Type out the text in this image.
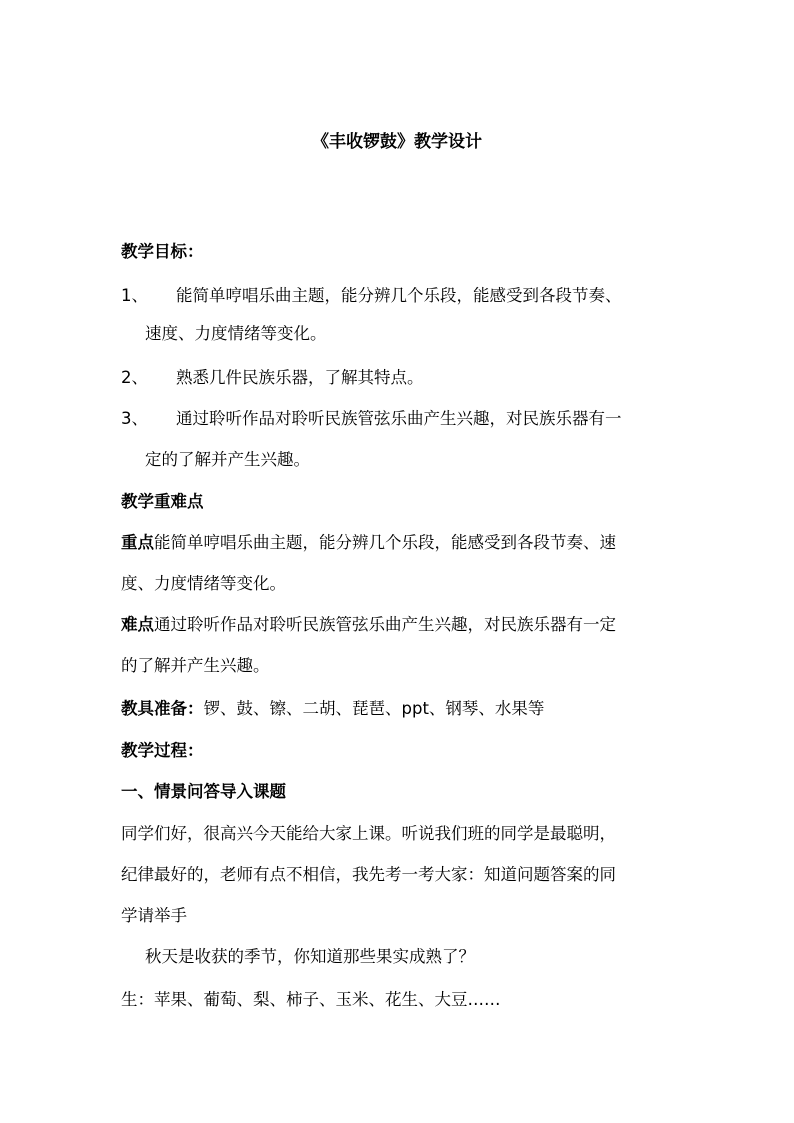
《丰收锣鼓》教学设计
教学目标：
1、 能简单哼唱乐曲主题，能分辨几个乐段，能感受到各段节奏、
速度、力度情绪等变化。
2、 熟悉几件民族乐器，了解其特点。
3、 通过聆听作品对聆听民族管弦乐曲产生兴趣，对民族乐器有一
定的了解并产生兴趣。
教学重难点
重点能简单哼唱乐曲主题，能分辨几个乐段，能感受到各段节奏、速
度、力度情绪等变化。
难点通过聆听作品对聆听民族管弦乐曲产生兴趣，对民族乐器有一定
的了解并产生兴趣。
教具准备：锣、鼓、镲、二胡、琵琶、ppt、钢琴、水果等
教学过程：
一、情景问答导入课题
同学们好，很高兴今天能给大家上课。听说我们班的同学是最聪明，
纪律最好的，老师有点不相信，我先考一考大家：知道问题答案的同
学请举手
秋天是收获的季节，你知道那些果实成熟了？
生：苹果、葡萄、梨、柿子、玉米、花生、大豆……
